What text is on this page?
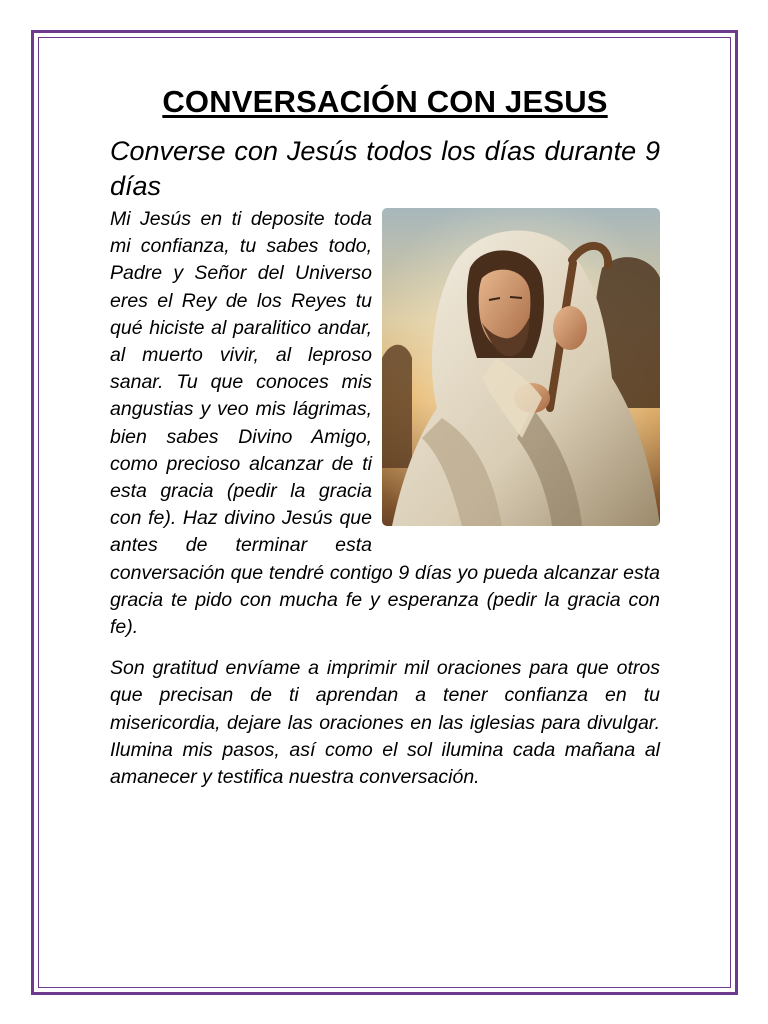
CONVERSACIÓN CON JESUS

Converse con Jesús todos los días durante 9 días

Mi Jesús en ti deposite toda mi confianza, tu sabes todo, Padre y Señor del Universo eres el Rey de los Reyes tu qué hiciste al paralitico andar, al muerto vivir, al leproso sanar. Tu que conoces mis angustias y veo mis lágrimas, bien sabes Divino Amigo, como precioso alcanzar de ti esta gracia (pedir la gracia con fe). Haz divino Jesús que antes de terminar esta conversación que tendré contigo 9 días yo pueda alcanzar esta gracia te pido con mucha fe y esperanza (pedir la gracia con fe).

Son gratitud envíame a imprimir mil oraciones para que otros que precisan de ti aprendan a tener confianza en tu misericordia, dejare las oraciones en las iglesias para divulgar. Ilumina mis pasos, así como el sol ilumina cada mañana al amanecer y testifica nuestra conversación.
